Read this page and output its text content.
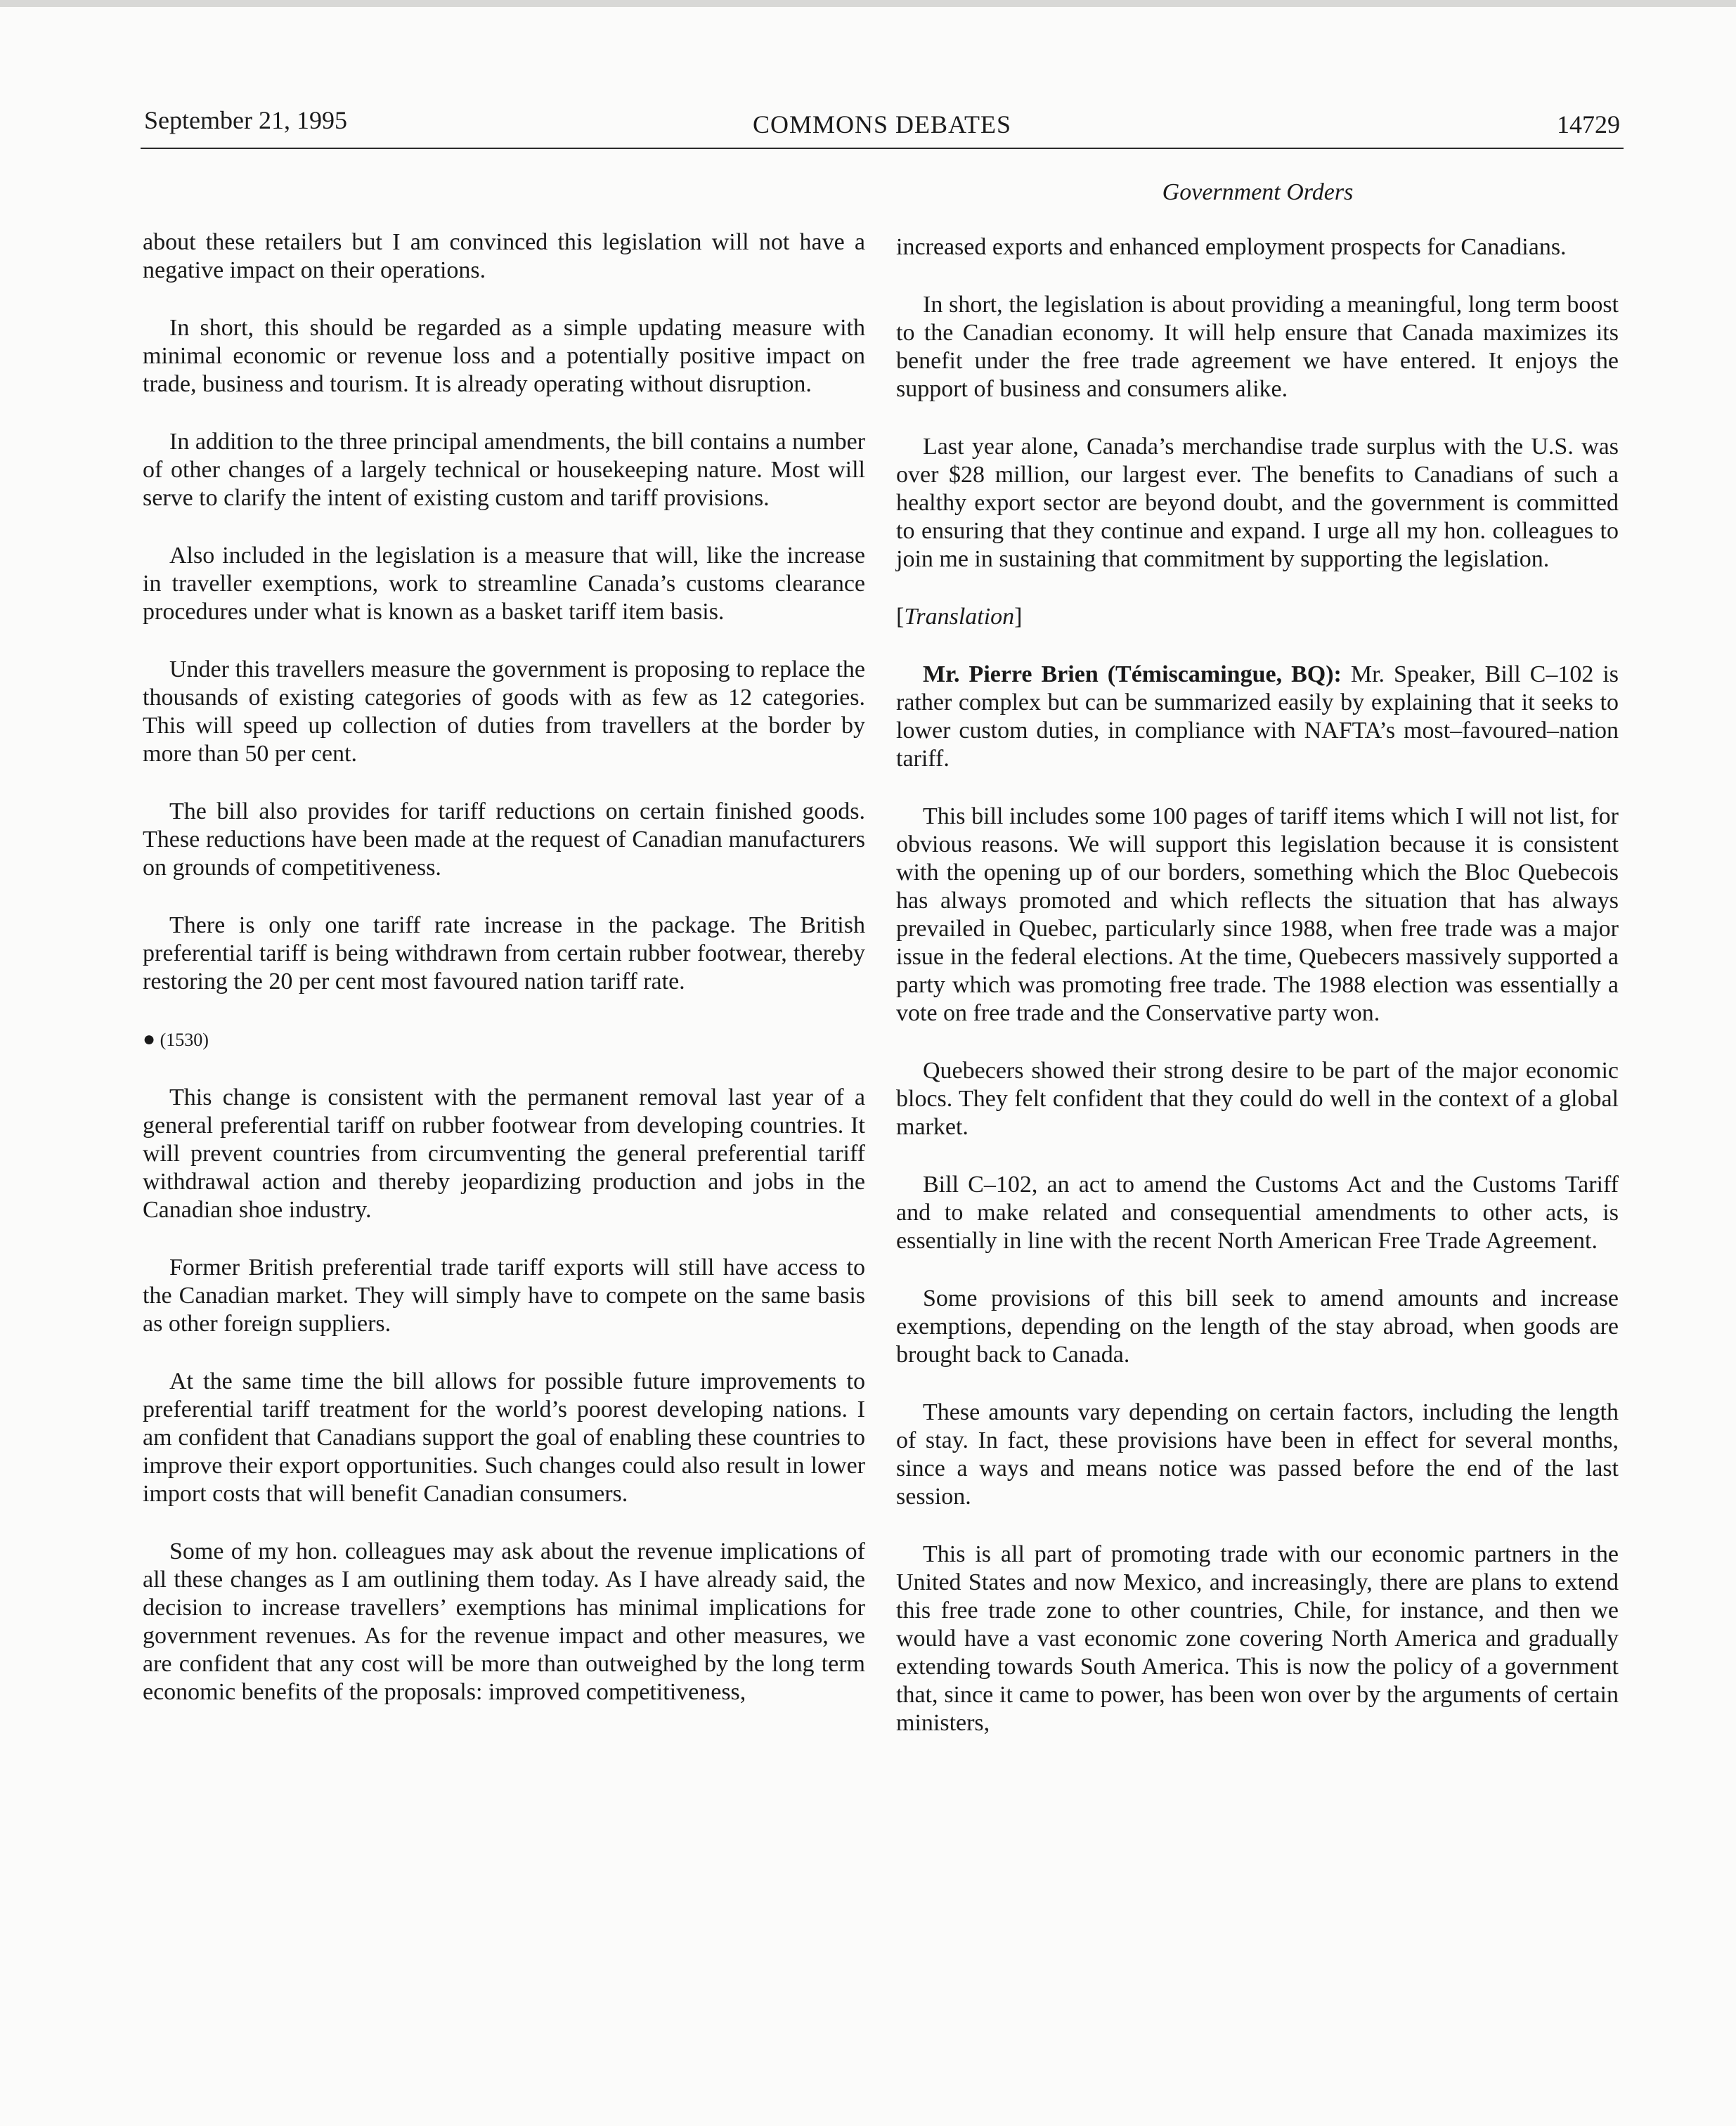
September 21, 1995	COMMONS DEBATES	14729
Government Orders

about these retailers but I am convinced this legislation will not have a negative impact on their operations.

In short, this should be regarded as a simple updating measure with minimal economic or revenue loss and a potentially positive impact on trade, business and tourism. It is already operating without disruption.

In addition to the three principal amendments, the bill contains a number of other changes of a largely technical or housekeeping nature. Most will serve to clarify the intent of existing custom and tariff provisions.

Also included in the legislation is a measure that will, like the increase in traveller exemptions, work to streamline Canada’s customs clearance procedures under what is known as a basket tariff item basis.

Under this travellers measure the government is proposing to replace the thousands of existing categories of goods with as few as 12 categories. This will speed up collection of duties from travellers at the border by more than 50 per cent.

The bill also provides for tariff reductions on certain finished goods. These reductions have been made at the request of Canadian manufacturers on grounds of competitiveness.

There is only one tariff rate increase in the package. The British preferential tariff is being withdrawn from certain rubber footwear, thereby restoring the 20 per cent most favoured nation tariff rate.

● (1530)

This change is consistent with the permanent removal last year of a general preferential tariff on rubber footwear from developing countries. It will prevent countries from circumventing the general preferential tariff withdrawal action and thereby jeopardizing production and jobs in the Canadian shoe industry.

Former British preferential trade tariff exports will still have access to the Canadian market. They will simply have to compete on the same basis as other foreign suppliers.

At the same time the bill allows for possible future improvements to preferential tariff treatment for the world’s poorest developing nations. I am confident that Canadians support the goal of enabling these countries to improve their export opportunities. Such changes could also result in lower import costs that will benefit Canadian consumers.

Some of my hon. colleagues may ask about the revenue implications of all these changes as I am outlining them today. As I have already said, the decision to increase travellers’ exemptions has minimal implications for government revenues. As for the revenue impact and other measures, we are confident that any cost will be more than outweighed by the long term economic benefits of the proposals: improved competitiveness,

increased exports and enhanced employment prospects for Canadians.

In short, the legislation is about providing a meaningful, long term boost to the Canadian economy. It will help ensure that Canada maximizes its benefit under the free trade agreement we have entered. It enjoys the support of business and consumers alike.

Last year alone, Canada’s merchandise trade surplus with the U.S. was over $28 million, our largest ever. The benefits to Canadians of such a healthy export sector are beyond doubt, and the government is committed to ensuring that they continue and expand. I urge all my hon. colleagues to join me in sustaining that commitment by supporting the legislation.

[Translation]

Mr. Pierre Brien (Témiscamingue, BQ): Mr. Speaker, Bill C–102 is rather complex but can be summarized easily by explaining that it seeks to lower custom duties, in compliance with NAFTA’s most–favoured–nation tariff.

This bill includes some 100 pages of tariff items which I will not list, for obvious reasons. We will support this legislation because it is consistent with the opening up of our borders, something which the Bloc Quebecois has always promoted and which reflects the situation that has always prevailed in Quebec, particularly since 1988, when free trade was a major issue in the federal elections. At the time, Quebecers massively supported a party which was promoting free trade. The 1988 election was essentially a vote on free trade and the Conservative party won.

Quebecers showed their strong desire to be part of the major economic blocs. They felt confident that they could do well in the context of a global market.

Bill C–102, an act to amend the Customs Act and the Customs Tariff and to make related and consequential amendments to other acts, is essentially in line with the recent North American Free Trade Agreement.

Some provisions of this bill seek to amend amounts and increase exemptions, depending on the length of the stay abroad, when goods are brought back to Canada.

These amounts vary depending on certain factors, including the length of stay. In fact, these provisions have been in effect for several months, since a ways and means notice was passed before the end of the last session.

This is all part of promoting trade with our economic partners in the United States and now Mexico, and increasingly, there are plans to extend this free trade zone to other countries, Chile, for instance, and then we would have a vast economic zone covering North America and gradually extending towards South America. This is now the policy of a government that, since it came to power, has been won over by the arguments of certain ministers,
